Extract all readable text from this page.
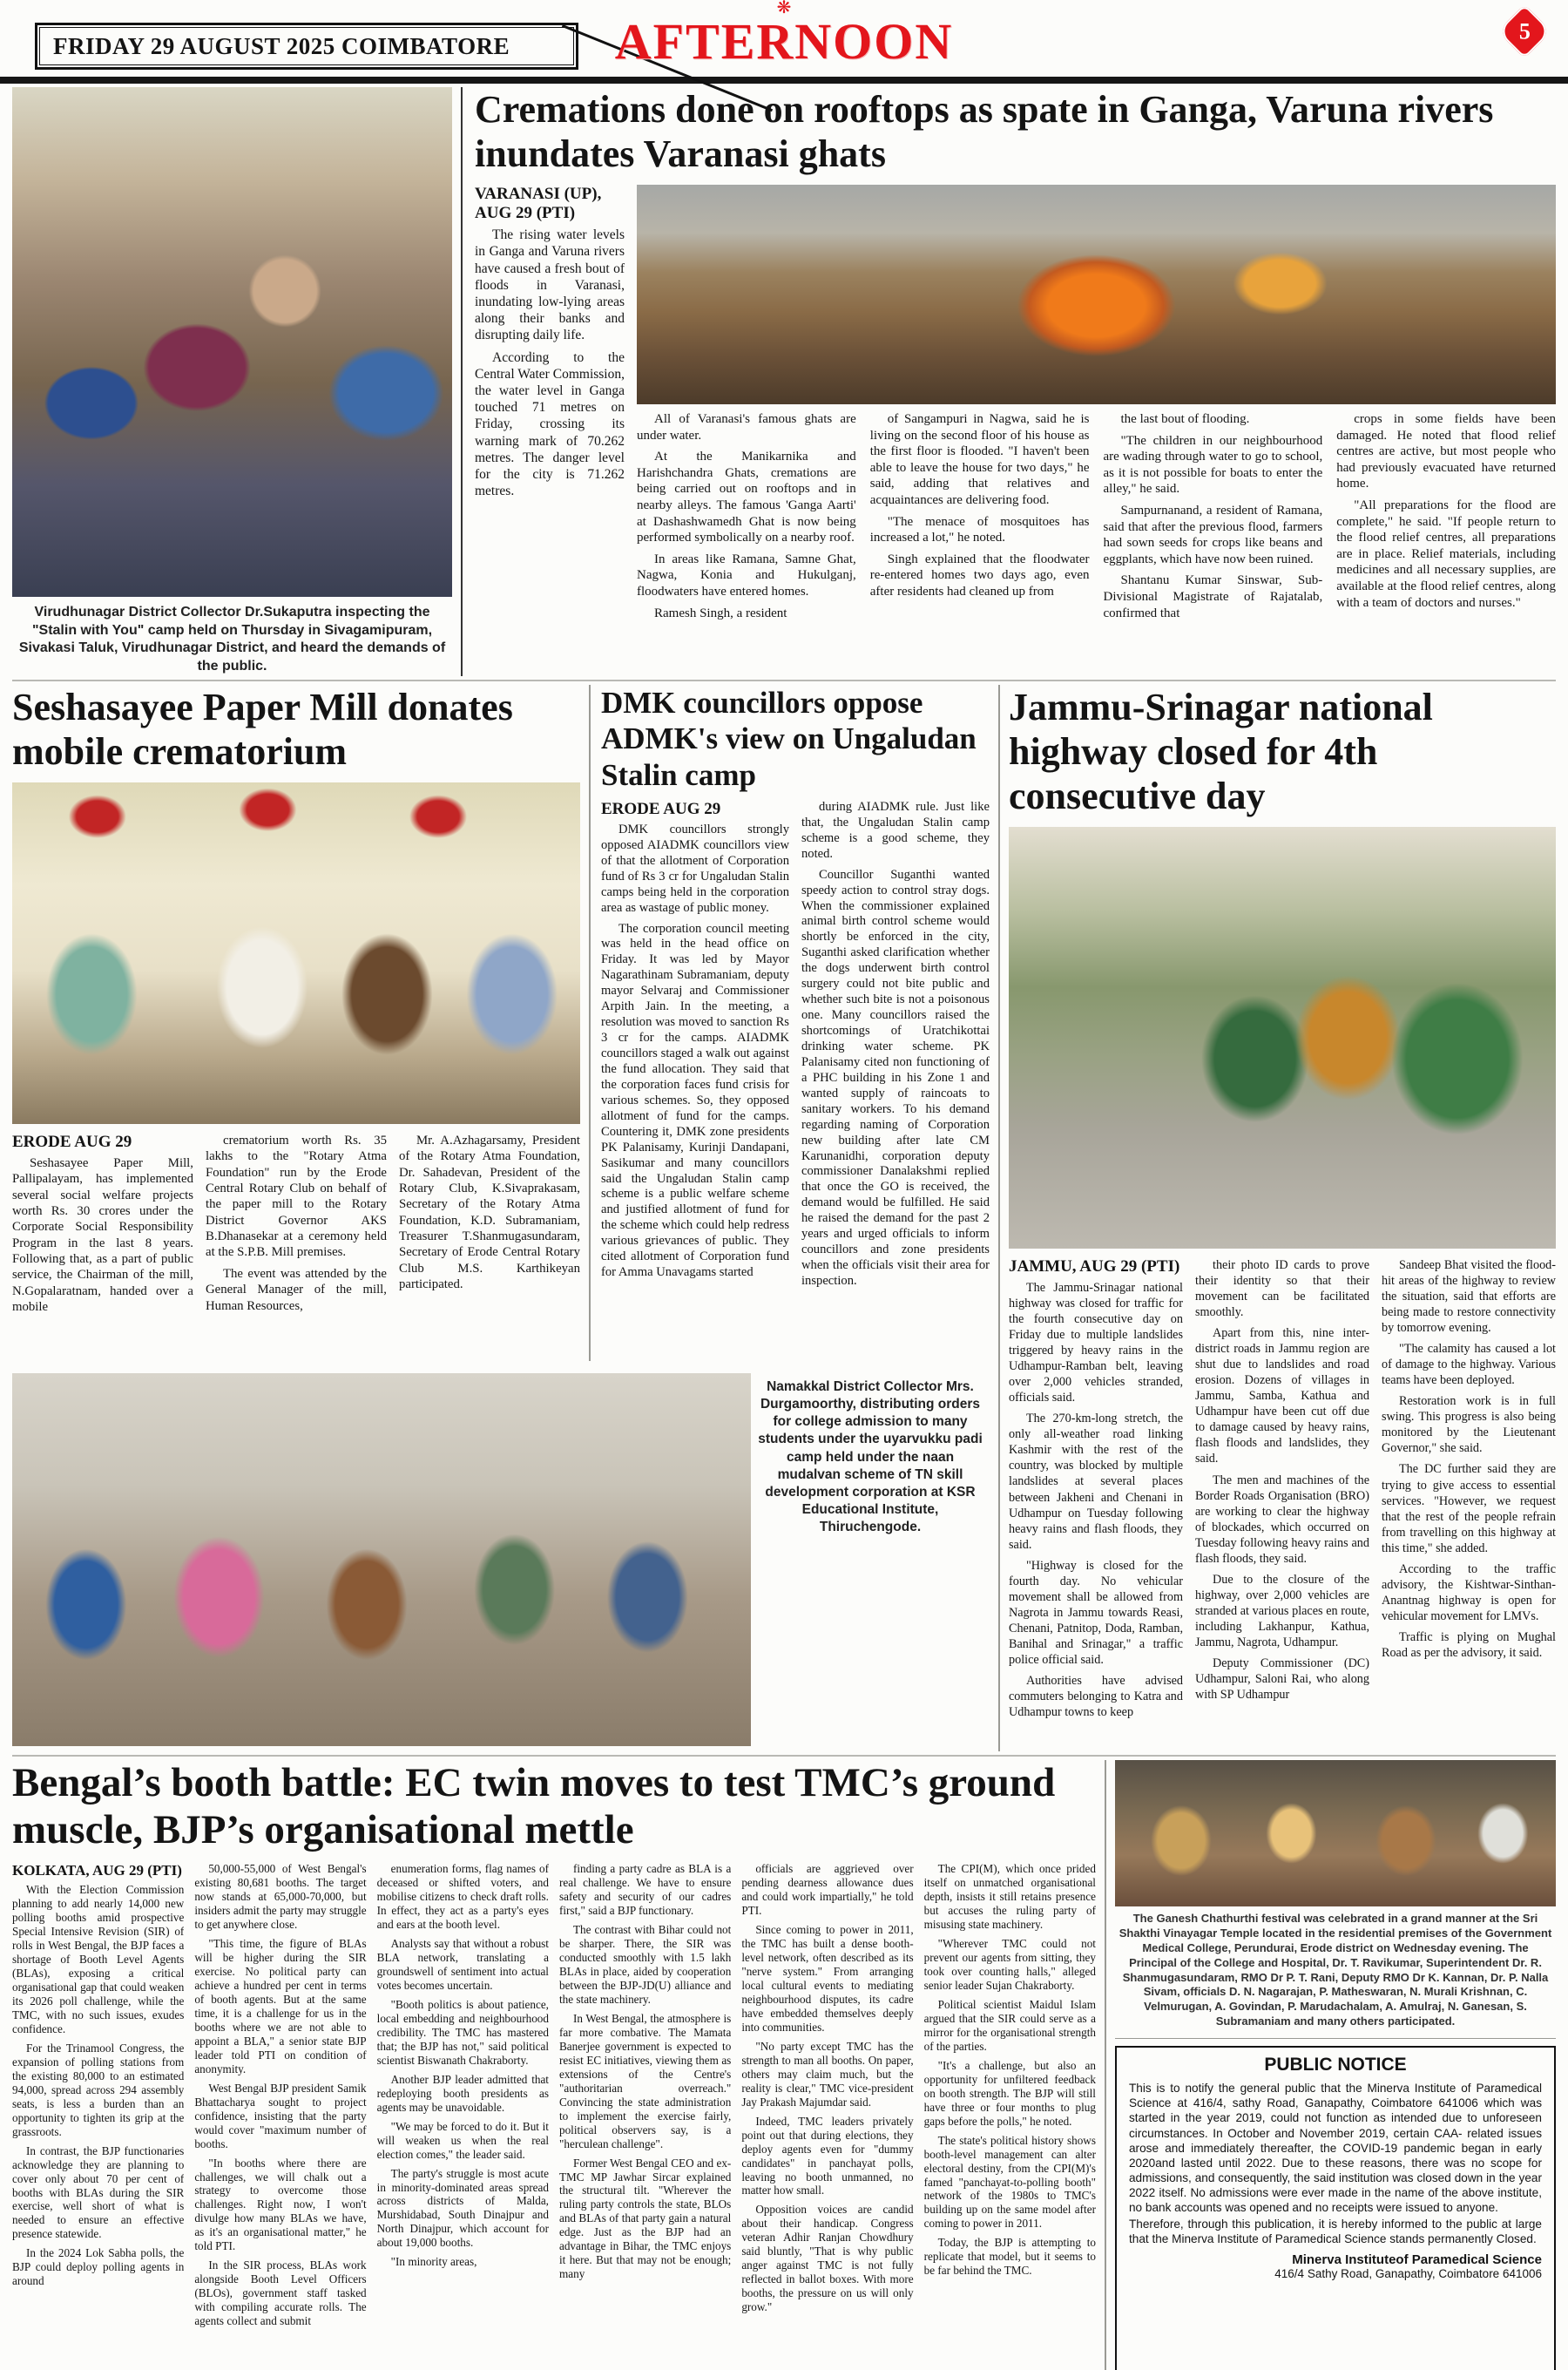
FRIDAY 29 AUGUST 2025 COIMBATORE
❋
AFTERNOON	5
Virudhunagar District Collector Dr.Sukaputra inspecting the "Stalin with You" camp held on Thursday in Sivagamipuram, Sivakasi Taluk, Virudhunagar District, and heard the demands of the public.
Cremations done on rooftops as spate in Ganga, Varuna rivers inundates Varanasi ghats
VARANASI (UP), AUG 29 (PTI)

The rising water levels in Ganga and Varuna rivers have caused a fresh bout of floods in Varanasi, inundating low-lying areas along their banks and disrupting daily life.

According to the Central Water Commission, the water level in Ganga touched 71 metres on Friday, crossing its warning mark of 70.262 metres. The danger level for the city is 71.262 metres.

All of Varanasi's famous ghats are under water.

At the Manikarnika and Harishchandra Ghats, cremations are being carried out on rooftops and in nearby alleys. The famous 'Ganga Aarti' at Dashashwamedh Ghat is now being performed symbolically on a nearby roof.

In areas like Ramana, Samne Ghat, Nagwa, Konia and Hukulganj, floodwaters have entered homes.

Ramesh Singh, a resident

of Sangampuri in Nagwa, said he is living on the second floor of his house as the first floor is flooded. "I haven't been able to leave the house for two days," he said, adding that relatives and acquaintances are delivering food.

"The menace of mosquitoes has increased a lot," he noted.

Singh explained that the floodwater re-entered homes two days ago, even after residents had cleaned up from

the last bout of flooding.

"The children in our neighbourhood are wading through water to go to school, as it is not possible for boats to enter the alley," he said.

Sampurnanand, a resident of Ramana, said that after the previous flood, farmers had sown seeds for crops like beans and eggplants, which have now been ruined.

Shantanu Kumar Sinswar, Sub-Divisional Magistrate of Rajatalab, confirmed that

crops in some fields have been damaged. He noted that flood relief centres are active, but most people who had previously evacuated have returned home.

"All preparations for the flood are complete," he said. "If people return to the flood relief centres, all preparations are in place. Relief materials, including medicines and all necessary supplies, are available at the flood relief centres, along with a team of doctors and nurses."

Seshasayee Paper Mill donates mobile crematorium
ERODE AUG 29

Seshasayee Paper Mill, Pallipalayam, has implemented several social welfare projects worth Rs. 30 crores under the Corporate Social Responsibility Program in the last 8 years. Following that, as a part of public service, the Chairman of the mill, N.Gopalaratnam, handed over a mobile

crematorium worth Rs. 35 lakhs to the "Rotary Atma Foundation" run by the Erode Central Rotary Club on behalf of the paper mill to the Rotary District Governor AKS B.Dhanasekar at a ceremony held at the S.P.B. Mill premises.

The event was attended by the General Manager of the mill, Human Resources,

Mr. A.Azhagarsamy, President of the Rotary Atma Foundation, Dr. Sahadevan, President of the Rotary Club, K.Sivaprakasam, Secretary of the Rotary Atma Foundation, K.D. Subramaniam, Treasurer T.Shanmugasundaram, Secretary of Erode Central Rotary Club M.S. Karthikeyan participated.

DMK councillors oppose ADMK's view on Ungaludan Stalin camp
ERODE AUG 29

DMK councillors strongly opposed AIADMK councillors view of that the allotment of Corporation fund of Rs 3 cr for Ungaludan Stalin camps being held in the corporation area as wastage of public money.

The corporation council meeting was held in the head office on Friday. It was led by Mayor Nagarathinam Subramaniam, deputy mayor Selvaraj and Commissioner Arpith Jain. In the meeting, a resolution was moved to sanction Rs 3 cr for the camps. AIADMK councillors staged a walk out against the fund allocation. They said that the corporation faces fund crisis for various schemes. So, they opposed allotment of fund for the camps. Countering it, DMK zone presidents PK Palanisamy, Kurinji Dandapani, Sasikumar and many councillors said the Ungaludan Stalin camp scheme is a public welfare scheme and justified allotment of fund for the scheme which could help redress various grievances of public. They cited allotment of Corporation fund for Amma Unavagams started

during AIADMK rule. Just like that, the Ungaludan Stalin camp scheme is a good scheme, they noted.

Councillor Suganthi wanted speedy action to control stray dogs. When the commissioner explained animal birth control scheme would shortly be enforced in the city, Suganthi asked clarification whether the dogs underwent birth control surgery could not bite public and whether such bite is not a poisonous one. Many councillors raised the shortcomings of Uratchikottai drinking water scheme. PK Palanisamy cited non functioning of a PHC building in his Zone 1 and wanted supply of raincoats to sanitary workers. To his demand regarding naming of Corporation new building after late CM Karunanidhi, corporation deputy commissioner Danalakshmi replied that once the GO is received, the demand would be fulfilled. He said he raised the demand for the past 2 years and urged officials to inform councillors and zone presidents when the officials visit their area for inspection.

Namakkal District Collector Mrs. Durgamoorthy, distributing orders for college admission to many students under the uyarvukku padi camp held under the naan mudalvan scheme of TN skill development corporation at KSR Educational Institute, Thiruchengode.
Jammu-Srinagar national highway closed for 4th consecutive day
JAMMU, AUG 29 (PTI)

The Jammu-Srinagar national highway was closed for traffic for the fourth consecutive day on Friday due to multiple landslides triggered by heavy rains in the Udhampur-Ramban belt, leaving over 2,000 vehicles stranded, officials said.

The 270-km-long stretch, the only all-weather road linking Kashmir with the rest of the country, was blocked by multiple landslides at several places between Jakheni and Chenani in Udhampur on Tuesday following heavy rains and flash floods, they said.

"Highway is closed for the fourth day. No vehicular movement shall be allowed from Nagrota in Jammu towards Reasi, Chenani, Patnitop, Doda, Ramban, Banihal and Srinagar," a traffic police official said.

Authorities have advised commuters belonging to Katra and Udhampur towns to keep

their photo ID cards to prove their identity so that their movement can be facilitated smoothly.

Apart from this, nine inter-district roads in Jammu region are shut due to landslides and road erosion. Dozens of villages in Jammu, Samba, Kathua and Udhampur have been cut off due to damage caused by heavy rains, flash floods and landslides, they said.

The men and machines of the Border Roads Organisation (BRO) are working to clear the highway of blockades, which occurred on Tuesday following heavy rains and flash floods, they said.

Due to the closure of the highway, over 2,000 vehicles are stranded at various places en route, including Lakhanpur, Kathua, Jammu, Nagrota, Udhampur.

Deputy Commissioner (DC) Udhampur, Saloni Rai, who along with SP Udhampur

Sandeep Bhat visited the flood-hit areas of the highway to review the situation, said that efforts are being made to restore connectivity by tomorrow evening.

"The calamity has caused a lot of damage to the highway. Various teams have been deployed.

Restoration work is in full swing. This progress is also being monitored by the Lieutenant Governor," she said.

The DC further said they are trying to give access to essential services. "However, we request that the rest of the people refrain from travelling on this highway at this time," she added.

According to the traffic advisory, the Kishtwar-Sinthan-Anantnag highway is open for vehicular movement for LMVs.

Traffic is plying on Mughal Road as per the advisory, it said.

Bengal’s booth battle: EC twin moves to test TMC’s ground muscle, BJP’s organisational mettle
KOLKATA, AUG 29 (PTI)

With the Election Commission planning to add nearly 14,000 new polling booths amid prospective Special Intensive Revision (SIR) of rolls in West Bengal, the BJP faces a shortage of Booth Level Agents (BLAs), exposing a critical organisational gap that could weaken its 2026 poll challenge, while the TMC, with no such issues, exudes confidence.

For the Trinamool Congress, the expansion of polling stations from the existing 80,000 to an estimated 94,000, spread across 294 assembly seats, is less a burden than an opportunity to tighten its grip at the grassroots.

In contrast, the BJP functionaries acknowledge they are planning to cover only about 70 per cent of booths with BLAs during the SIR exercise, well short of what is needed to ensure an effective presence statewide.

In the 2024 Lok Sabha polls, the BJP could deploy polling agents in around

50,000-55,000 of West Bengal's existing 80,681 booths. The target now stands at 65,000-70,000, but insiders admit the party may struggle to get anywhere close.

"This time, the figure of BLAs will be higher during the SIR exercise. No political party can achieve a hundred per cent in terms of booth agents. But at the same time, it is a challenge for us in the booths where we are not able to appoint a BLA," a senior state BJP leader told PTI on condition of anonymity.

West Bengal BJP president Samik Bhattacharya sought to project confidence, insisting that the party would cover "maximum number of booths.

"In booths where there are challenges, we will chalk out a strategy to overcome those challenges. Right now, I won't divulge how many BLAs we have, as it's an organisational matter," he told PTI.

In the SIR process, BLAs work alongside Booth Level Officers (BLOs), government staff tasked with compiling accurate rolls. The agents collect and submit

enumeration forms, flag names of deceased or shifted voters, and mobilise citizens to check draft rolls. In effect, they act as a party's eyes and ears at the booth level.

Analysts say that without a robust BLA network, translating a groundswell of sentiment into actual votes becomes uncertain.

"Booth politics is about patience, local embedding and neighbourhood credibility. The TMC has mastered that; the BJP has not," said political scientist Biswanath Chakraborty.

Another BJP leader admitted that redeploying booth presidents as agents may be unavoidable.

"We may be forced to do it. But it will weaken us when the real election comes," the leader said.

The party's struggle is most acute in minority-dominated areas spread across districts of Malda, Murshidabad, South Dinajpur and North Dinajpur, which account for about 19,000 booths.

"In minority areas,

finding a party cadre as BLA is a real challenge. We have to ensure safety and security of our cadres first," said a BJP functionary.

The contrast with Bihar could not be sharper. There, the SIR was conducted smoothly with 1.5 lakh BLAs in place, aided by cooperation between the BJP-JD(U) alliance and the state machinery.

In West Bengal, the atmosphere is far more combative. The Mamata Banerjee government is expected to resist EC initiatives, viewing them as extensions of the Centre's "authoritarian overreach." Convincing the state administration to implement the exercise fairly, political observers say, is a "herculean challenge".

Former West Bengal CEO and ex-TMC MP Jawhar Sircar explained the structural tilt. "Wherever the ruling party controls the state, BLOs and BLAs of that party gain a natural edge. Just as the BJP had an advantage in Bihar, the TMC enjoys it here. But that may not be enough; many

officials are aggrieved over pending dearness allowance dues and could work impartially," he told PTI.

Since coming to power in 2011, the TMC has built a dense booth-level network, often described as its "nerve system." From arranging local cultural events to mediating neighbourhood disputes, its cadre have embedded themselves deeply into communities.

"No party except TMC has the strength to man all booths. On paper, others may claim much, but the reality is clear," TMC vice-president Jay Prakash Majumdar said.

Indeed, TMC leaders privately point out that during elections, they deploy agents even for "dummy candidates" in panchayat polls, leaving no booth unmanned, no matter how small.

Opposition voices are candid about their handicap. Congress veteran Adhir Ranjan Chowdhury said bluntly, "That is why public anger against TMC is not fully reflected in ballot boxes. With more booths, the pressure on us will only grow."

The CPI(M), which once prided itself on unmatched organisational depth, insists it still retains presence but accuses the ruling party of misusing state machinery.

"Wherever TMC could not prevent our agents from sitting, they took over counting halls," alleged senior leader Sujan Chakraborty.

Political scientist Maidul Islam argued that the SIR could serve as a mirror for the organisational strength of the parties.

"It's a challenge, but also an opportunity for unfiltered feedback on booth strength. The BJP will still have three or four months to plug gaps before the polls," he noted.

The state's political history shows booth-level management can alter electoral destiny, from the CPI(M)'s famed "panchayat-to-polling booth" network of the 1980s to TMC's building up on the same model after coming to power in 2011.

Today, the BJP is attempting to replicate that model, but it seems to be far behind the TMC.

The Ganesh Chathurthi festival was celebrated in a grand manner at the Sri Shakthi Vinayagar Temple located in the residential premises of the Government Medical College, Perundurai, Erode district on Wednesday evening. The Principal of the College and Hospital, Dr. T. Ravikumar, Superintendent Dr. R. Shanmugasundaram, RMO Dr P. T. Rani, Deputy RMO Dr K. Kannan, Dr. P. Nalla Sivam, officials D. N. Nagarajan, P. Matheswaran, N. Murali Krishnan, C. Velmurugan, A. Govindan, P. Marudachalam, A. Amulraj, N. Ganesan, S. Subramaniam and many others participated.
PUBLIC NOTICE

This is to notify the general public that the Minerva Institute of Paramedical Science at 416/4, sathy Road, Ganapathy, Coimbatore 641006 which was started in the year 2019, could not function as intended due to unforeseen circumstances. In October and November 2019, certain CAA- related issues arose and immediately thereafter, the COVID-19 pandemic began in early 2020and lasted until 2022. Due to these reasons, there was no scope for admissions, and consequently, the said institution was closed down in the year 2022 itself. No admissions were ever made in the name of the above institute, no bank accounts was opened and no receipts were issued to anyone.

Therefore, through this publication, it is hereby informed to the public at large that the Minerva Institute of Paramedical Science stands permanently Closed.

Minerva Instituteof Paramedical Science
416/4 Sathy Road, Ganapathy, Coimbatore 641006
